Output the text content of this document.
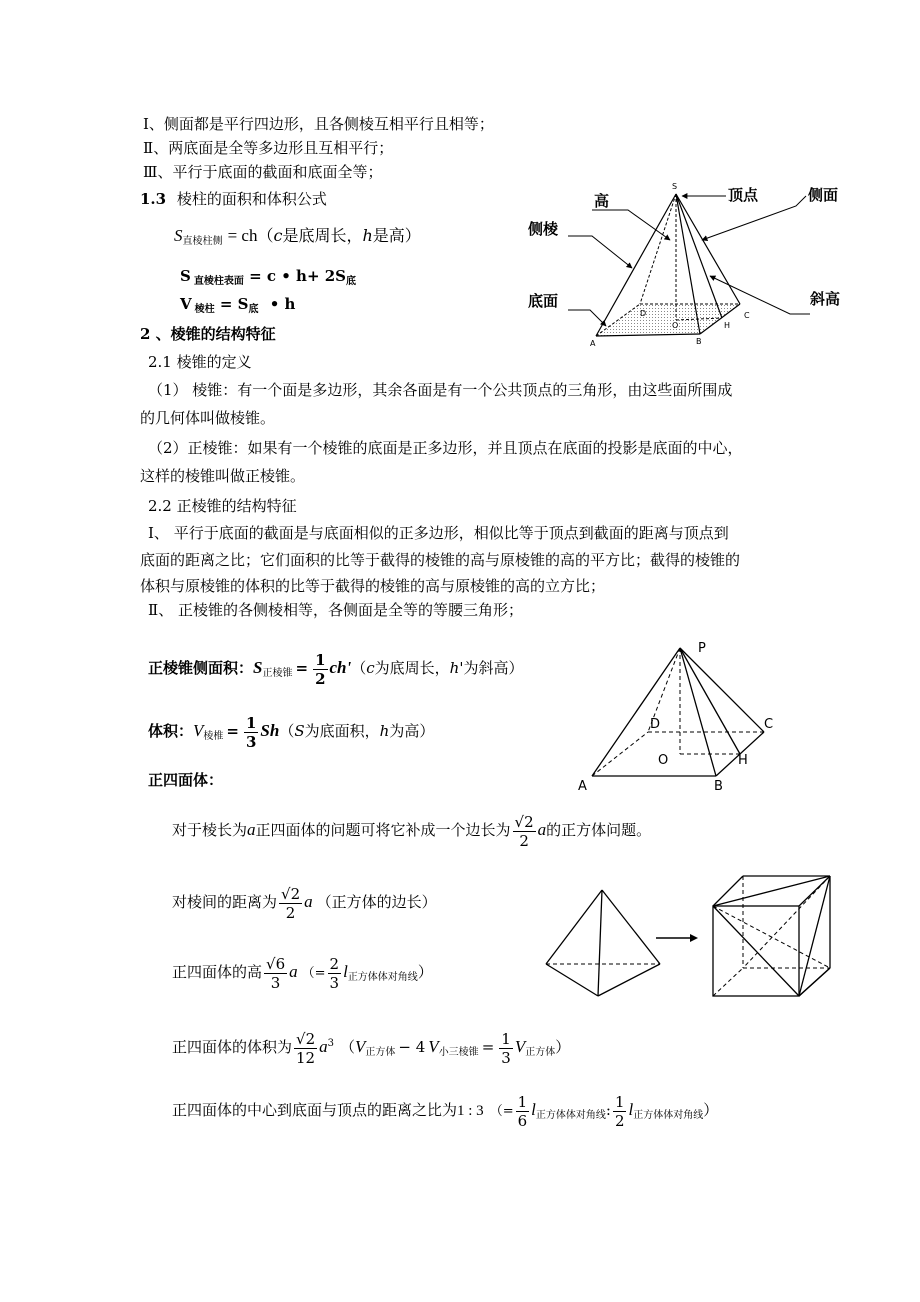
Ⅰ、侧面都是平行四边形，且各侧棱互相平行且相等；
Ⅱ、两底面是全等多边形且互相平行；
Ⅲ、平行于底面的截面和底面全等；
1.3 棱柱的面积和体积公式
$S_{直棱柱侧} = ch(c$是底周长，h是高）
S $_{直棱柱表面}$ = c • $h+ 2S_底$
V $_{棱柱} = S_底$ • h
2 、棱锥的结构特征
2.1 棱锥的定义
（1） 棱锥：有一个面是多边形，其余各面是有一个公共顶点的三角形，由这些面所围成
的几何体叫做棱锥。
（2）正棱锥：如果有一个棱锥的底面是正多边形，并且顶点在底面的投影是底面的中心，
这样的棱锥叫做正棱锥。
2.2 正棱锥的结构特征
Ⅰ、 平行于底面的截面是与底面相似的正多边形，相似比等于顶点到截面的距离与顶点到
底面的距离之比；它们面积的比等于截得的棱锥的高与原棱锥的高的平方比；截得的棱锥的
体积与原棱锥的体积的比等于截得的棱锥的高与原棱锥的高的立方比；
Ⅱ、 正棱锥的各侧棱相等，各侧面是全等的等腰三角形；
正棱锥侧面积：$S_{正棱锥} = \frac{1}{2} ch'(c$为底周长，h'为斜高）
体积：$V_{棱椎} = \frac{1}{3} Sh(S$为底面积，h为高）
正四面体：
对于棱长为a正四面体的问题可将它补成一个边长为 $\frac{√2}{2}$ a的正方体问题。
对棱间的距离为 $\frac{√2}{2}$ a （正方体的边长）
正四面体的高 $\frac{√6}{3}$ a （= $\frac{2}{3} l_{正方体体对角线}$）
正四面体的体积为 $\frac{√2}{12} a^3$ （$V_{正方体} - 4$ $V_{小三棱锥} = \frac{1}{3} V_{正方体}$）
正四面体的中心到底面与顶点的距离之比为1 : 3 （= $\frac{1}{6} l_{正方体体对角线}$: $\frac{1}{2} l_{正方体体对角线}$）
S
A	B
C
D
H
O
高
侧棱
底面
顶点	侧面
斜高
P
A	B
C
D
O	H
